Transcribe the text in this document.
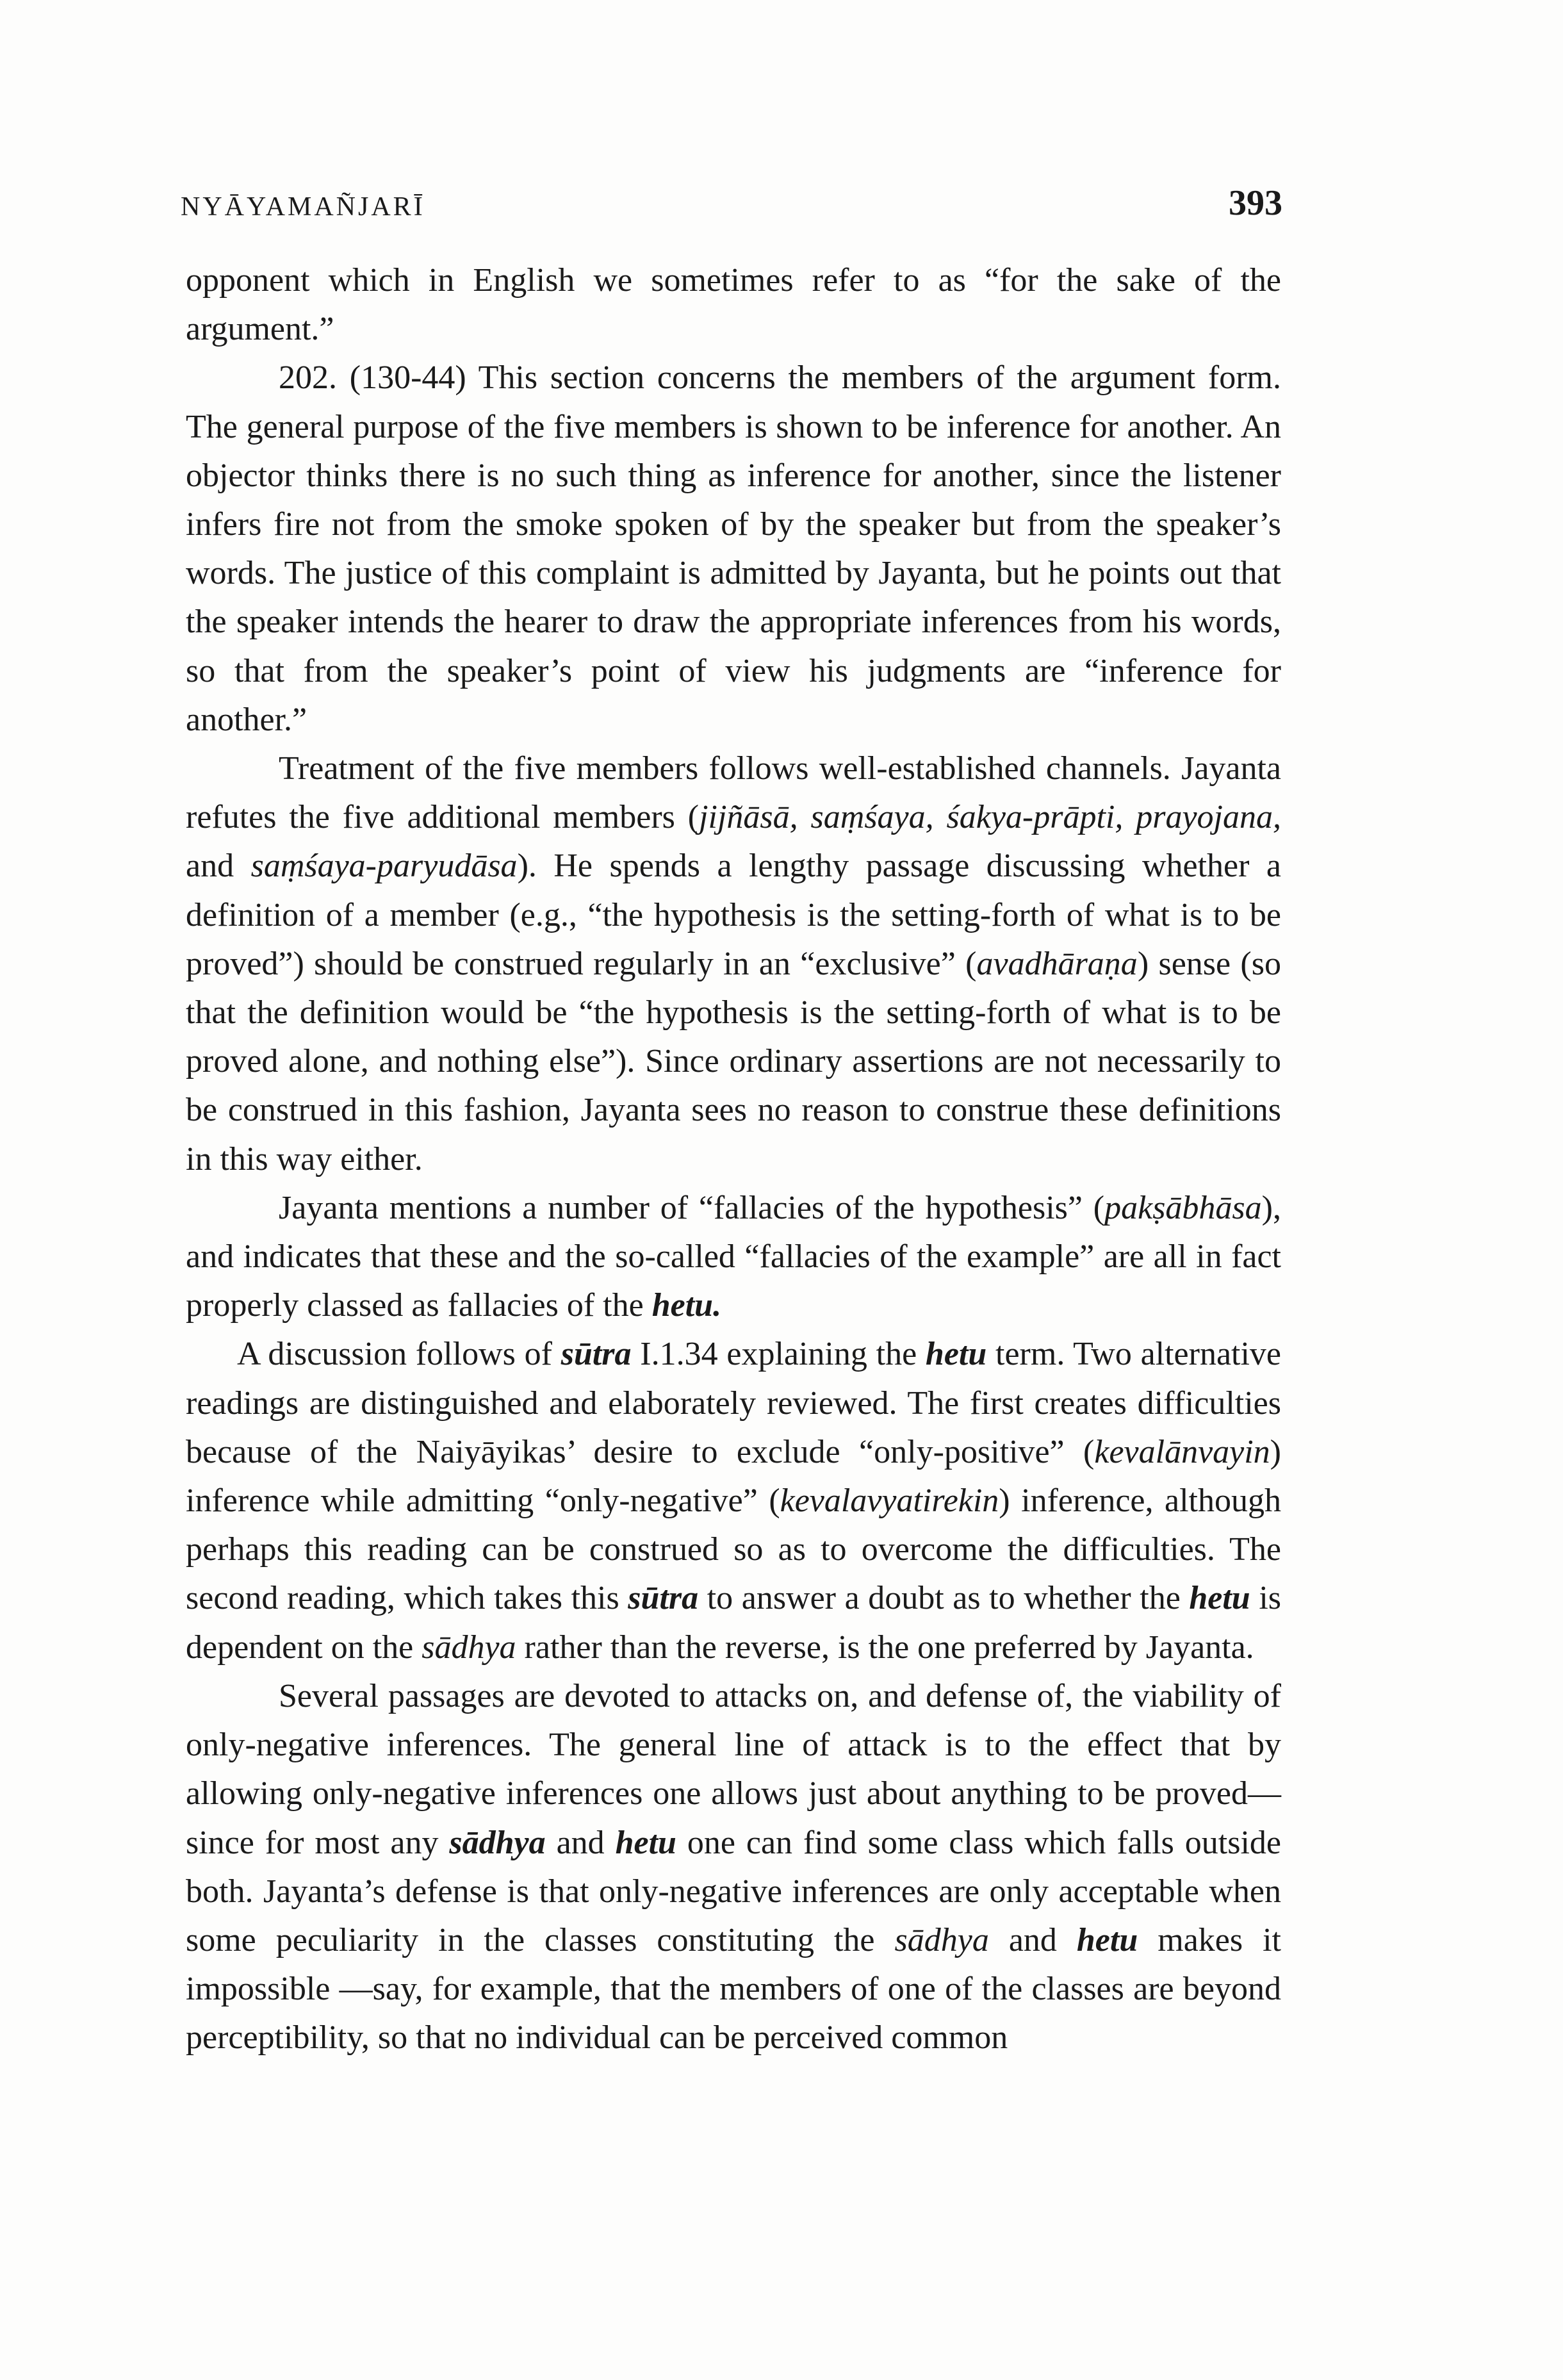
NYĀYAMAÑJARĪ	393

opponent which in English we sometimes refer to as “for the sake of the argument.”

202. (130-44) This section concerns the members of the argument form. The general purpose of the five members is shown to be inference for another. An objector thinks there is no such thing as inference for another, since the listener infers fire not from the smoke spoken of by the speaker but from the speaker’s words. The justice of this complaint is admitted by Jayanta, but he points out that the speaker intends the hearer to draw the appropriate inferences from his words, so that from the speaker’s point of view his judgments are “inference for another.”

Treatment of the five members follows well-established channels. Jayanta refutes the five additional members (jijñāsā, saṃśaya, śakya-prāpti, prayojana, and saṃśaya-paryudāsa). He spends a lengthy passage discussing whether a definition of a member (e.g., “the hypothesis is the setting-forth of what is to be proved”) should be construed regularly in an “exclusive” (avadhāraṇa) sense (so that the definition would be “the hypothesis is the setting-forth of what is to be proved alone, and nothing else”). Since ordinary assertions are not necessarily to be construed in this fashion, Jayanta sees no reason to construe these definitions in this way either.

Jayanta mentions a number of “fallacies of the hypothesis” (pakṣābhāsa), and indicates that these and the so-called “fallacies of the example” are all in fact properly classed as fallacies of the hetu.

A discussion follows of sūtra I.1.34 explaining the hetu term. Two alternative readings are distinguished and elaborately reviewed. The first creates difficulties because of the Naiyāyikas’ desire to exclude “only-positive” (kevalānvayin) inference while admitting “only-negative” (kevalavyatirekin) inference, although perhaps this reading can be construed so as to overcome the difficulties. The second reading, which takes this sūtra to answer a doubt as to whether the hetu is dependent on the sādhya rather than the reverse, is the one preferred by Jayanta.

Several passages are devoted to attacks on, and defense of, the viability of only-negative inferences. The general line of attack is to the effect that by allowing only-negative inferences one allows just about anything to be proved— since for most any sādhya and hetu one can find some class which falls outside both. Jayanta’s defense is that only-negative inferences are only acceptable when some peculiarity in the classes constituting the sādhya and hetu makes it impossible —say, for example, that the members of one of the classes are beyond perceptibility, so that no individual can be perceived common
